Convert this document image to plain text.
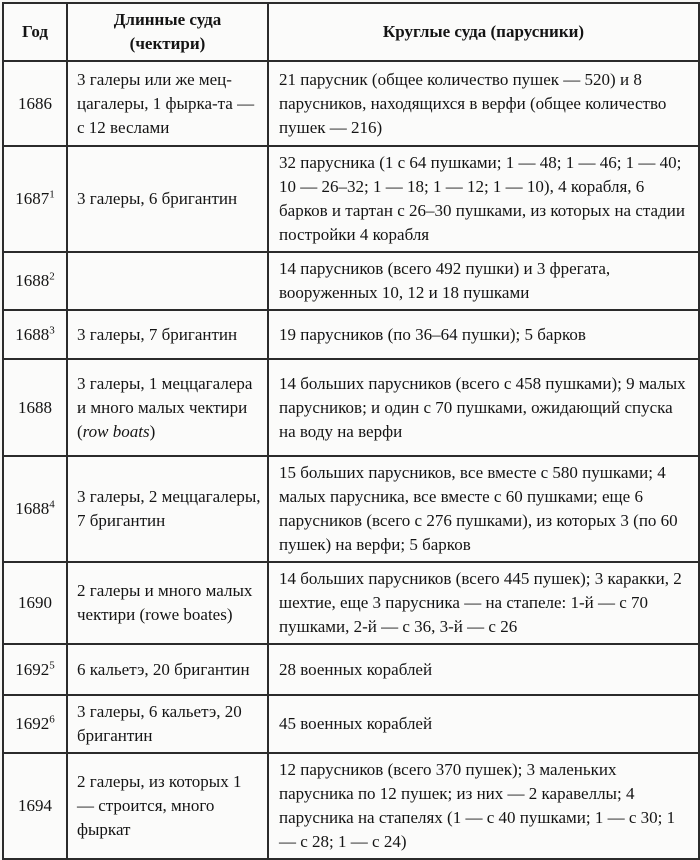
Год	Длинные суда (чектири)	Круглые суда (парусники)
1686	3 галеры или же мец-цагалеры, 1 фырка-та — с 12 веслами	21 парусник (общее количество пушек — 520) и 8 парусников, находящихся в верфи (общее количество пушек — 216)
1687$^1$	3 галеры, 6 бригантин	32 парусника (1 с 64 пушками; 1 — 48; 1 — 46; 1 — 40; 10 — 26–32; 1 — 18; 1 — 12; 1 — 10), 4 корабля, 6 барков и тартан с 26–30 пушками, из которых на стадии постройки 4 корабля
1688$^2$		14 парусников (всего 492 пушки) и 3 фрегата, вооруженных 10, 12 и 18 пушками
1688$^3$	3 галеры, 7 бригантин	19 парусников (по 36–64 пушки); 5 барков
1688	3 галеры, 1 меццагалера и много малых чектири (row boats)	14 больших парусников (всего с 458 пушками); 9 малых парусников; и один с 70 пушками, ожидающий спуска на воду на верфи
1688$^4$	3 галеры, 2 меццагалеры, 7 бригантин	15 больших парусников, все вместе с 580 пушками; 4 малых парусника, все вместе с 60 пушками; еще 6 парусников (всего с 276 пушками), из которых 3 (по 60 пушек) на верфи; 5 барков
1690	2 галеры и много малых чектири (rowe boates)	14 больших парусников (всего 445 пушек); 3 каракки, 2 шехтие, еще 3 парусника — на стапеле: 1-й — с 70 пушками, 2-й — с 36, 3-й — с 26
1692$^5$	6 кальетэ, 20 бригантин	28 военных кораблей
1692$^6$	3 галеры, 6 кальетэ, 20 бригантин	45 военных кораблей
1694	2 галеры, из которых 1 — строится, много фыркат	12 парусников (всего 370 пушек); 3 маленьких парусника по 12 пушек; из них — 2 каравеллы; 4 парусника на стапелях (1 — с 40 пушками; 1 — с 30; 1 — с 28; 1 — с 24)
